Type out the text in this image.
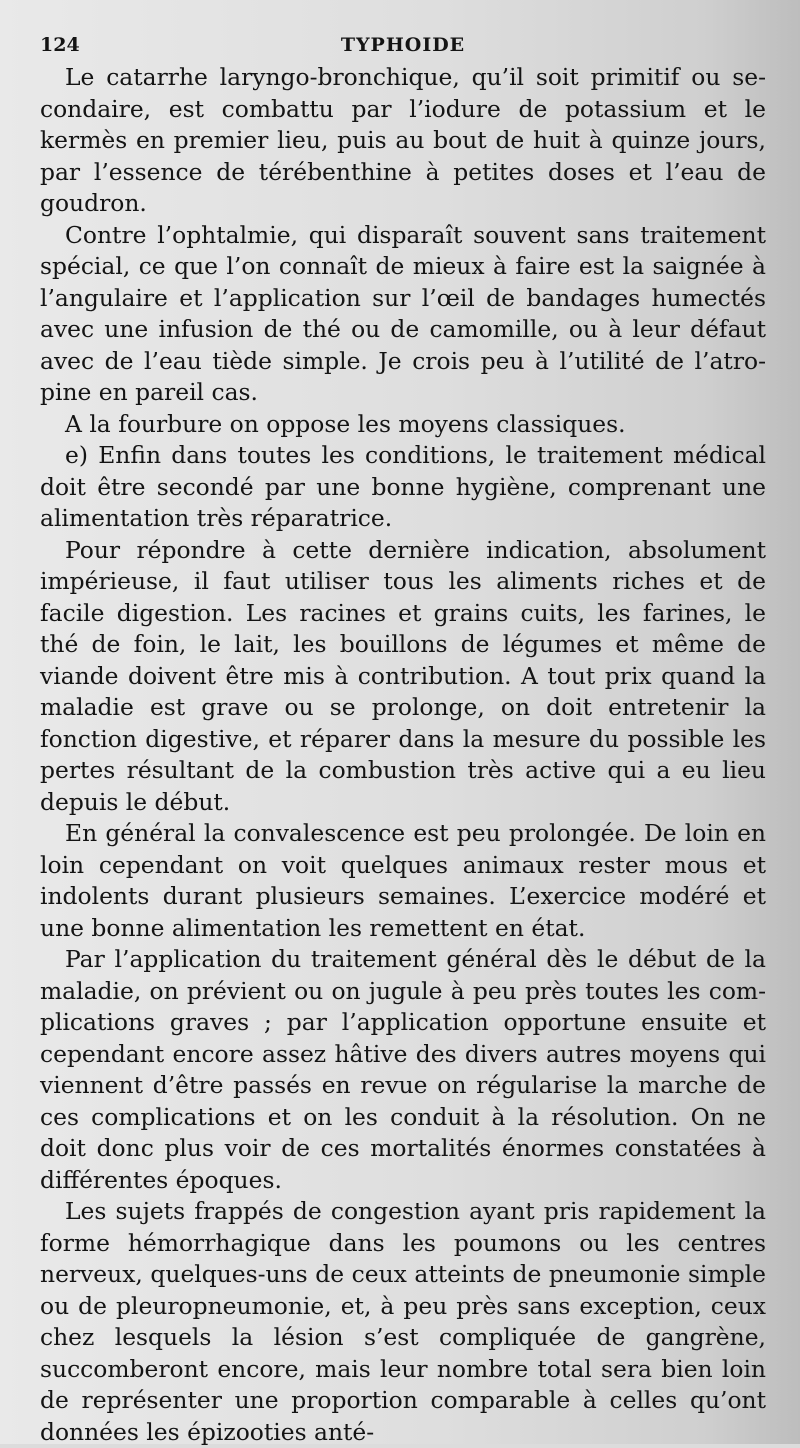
124	TYPHOIDE

Le catarrhe laryngo-bronchique, qu’il soit primitif ou secondaire, est combattu par l’iodure de potassium et le kermès en premier lieu, puis au bout de huit à quinze jours, par l’essence de térébenthine à petites doses et l’eau de goudron.

Contre l’ophtalmie, qui disparaît souvent sans traitement spécial, ce que l’on connaît de mieux à faire est la saignée à l’angulaire et l’application sur l’œil de bandages humectés avec une infusion de thé ou de camomille, ou à leur défaut avec de l’eau tiède simple. Je crois peu à l’utilité de l’atropine en pareil cas.

A la fourbure on oppose les moyens classiques.

e) Enfin dans toutes les conditions, le traitement médical doit être secondé par une bonne hygiène, comprenant une alimentation très réparatrice.

Pour répondre à cette dernière indication, absolument impérieuse, il faut utiliser tous les aliments riches et de facile digestion. Les racines et grains cuits, les farines, le thé de foin, le lait, les bouillons de légumes et même de viande doivent être mis à contribution. A tout prix quand la maladie est grave ou se prolonge, on doit entretenir la fonction digestive, et réparer dans la mesure du possible les pertes résultant de la combustion très active qui a eu lieu depuis le début.

En général la convalescence est peu prolongée. De loin en loin cependant on voit quelques animaux rester mous et indolents durant plusieurs semaines. L’exercice modéré et une bonne alimentation les remettent en état.

Par l’application du traitement général dès le début de la maladie, on prévient ou on jugule à peu près toutes les complications graves ; par l’application opportune ensuite et cependant encore assez hâtive des divers autres moyens qui viennent d’être passés en revue on régularise la marche de ces complications et on les conduit à la résolution. On ne doit donc plus voir de ces mortalités énormes constatées à différentes époques.

Les sujets frappés de congestion ayant pris rapidement la forme hémorrhagique dans les poumons ou les centres nerveux, quelques-uns de ceux atteints de pneumonie simple ou de pleuropneumonie, et, à peu près sans exception, ceux chez lesquels la lésion s’est compliquée de gangrène, succomberont encore, mais leur nombre total sera bien loin de représenter une proportion comparable à celles qu’ont données les épizooties anté-
